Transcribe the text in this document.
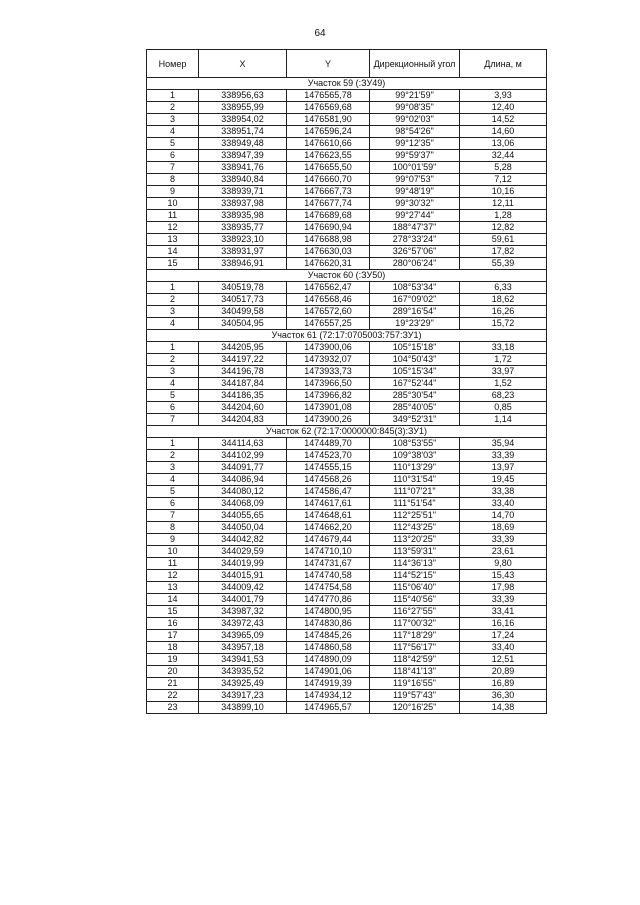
64
Номер	X	Y	Дирекционный угол	Длина, м
Участок 59 (:ЗУ49)				
1	338956,63	1476565,78	99°21'59"	3,93
2	338955,99	1476569,68	99°08'35"	12,40
3	338954,02	1476581,90	99°02'03"	14,52
4	338951,74	1476596,24	98°54'26"	14,60
5	338949,48	1476610,66	99°12'35"	13,06
6	338947,39	1476623,55	99°59'37"	32,44
7	338941,76	1476655,50	100°01'59"	5,28
8	338940,84	1476660,70	99°07'53"	7,12
9	338939,71	1476667,73	99°48'19"	10,16
10	338937,98	1476677,74	99°30'32"	12,11
11	338935,98	1476689,68	99°27'44"	1,28
12	338935,77	1476690,94	188°47'37"	12,82
13	338923,10	1476688,98	278°33'24"	59,61
14	338931,97	1476630,03	326°57'06"	17,82
15	338946,91	1476620,31	280°06'24"	55,39
Участок 60 (:ЗУ50)				
1	340519,78	1476562,47	108°53'34"	6,33
2	340517,73	1476568,46	167°09'02"	18,62
3	340499,58	1476572,60	289°16'54"	16,26
4	340504,95	1476557,25	19°23'29"	15,72
Участок 61 (72:17:0705003:757:ЗУ1)				
1	344205,95	1473900,06	105°15'18"	33,18
2	344197,22	1473932,07	104°50'43"	1,72
3	344196,78	1473933,73	105°15'34"	33,97
4	344187,84	1473966,50	167°52'44"	1,52
5	344186,35	1473966,82	285°30'54"	68,23
6	344204,60	1473901,08	285°40'05"	0,85
7	344204,83	1473900,26	349°52'31"	1,14
Участок 62 (72:17:0000000:845(3):ЗУ1)				
1	344114,63	1474489,70	108°53'55"	35,94
2	344102,99	1474523,70	109°38'03"	33,39
3	344091,77	1474555,15	110°13'29"	13,97
4	344086,94	1474568,26	110°31'54"	19,45
5	344080,12	1474586,47	111°07'21"	33,38
6	344068,09	1474617,61	111°51'54"	33,40
7	344055,65	1474648,61	112°25'51"	14,70
8	344050,04	1474662,20	112°43'25"	18,69
9	344042,82	1474679,44	113°20'25"	33,39
10	344029,59	1474710,10	113°59'31"	23,61
11	344019,99	1474731,67	114°36'13"	9,80
12	344015,91	1474740,58	114°52'15"	15,43
13	344009,42	1474754,58	115°06'40"	17,98
14	344001,79	1474770,86	115°40'56"	33,39
15	343987,32	1474800,95	116°27'55"	33,41
16	343972,43	1474830,86	117°00'32"	16,16
17	343965,09	1474845,26	117°18'29"	17,24
18	343957,18	1474860,58	117°56'17"	33,40
19	343941,53	1474890,09	118°42'59"	12,51
20	343935,52	1474901,06	118°41'13"	20,89
21	343925,49	1474919,39	119°16'55"	16,89
22	343917,23	1474934,12	119°57'43"	36,30
23	343899,10	1474965,57	120°16'25"	14,38
